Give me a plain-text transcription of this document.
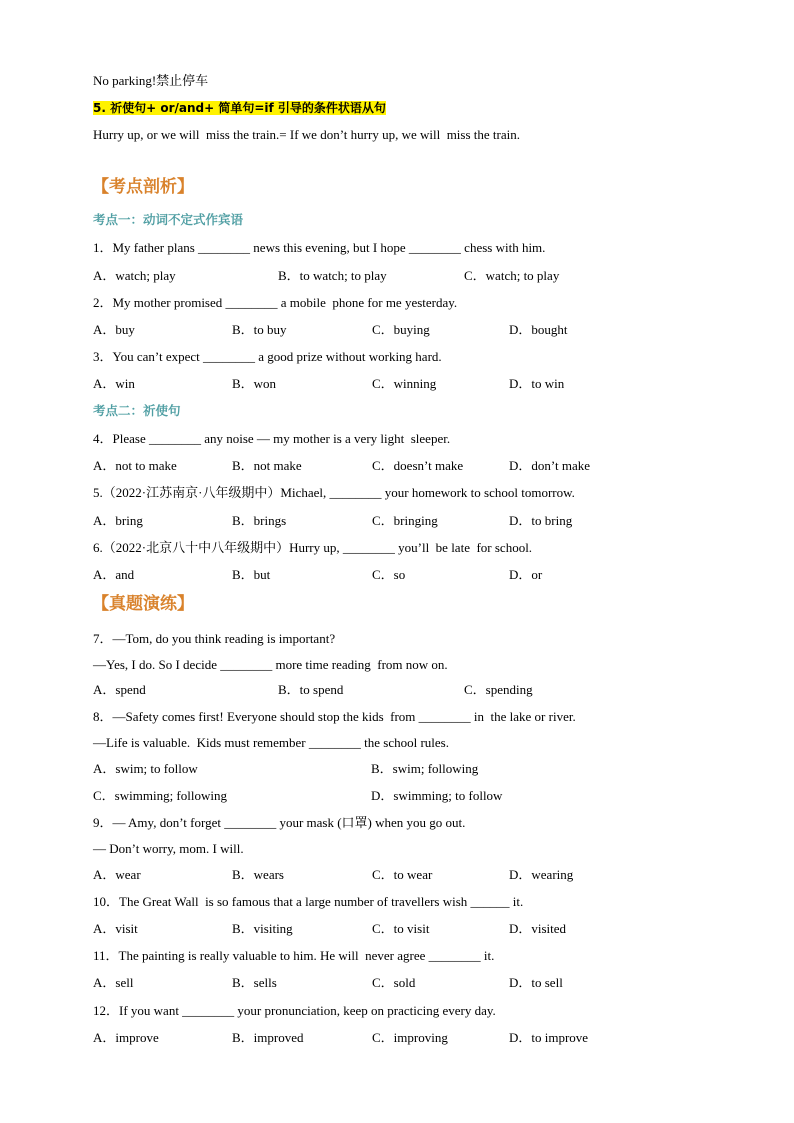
No parking!禁止停车
5. 祈使句+ or/and+ 简单句=if 引导的条件状语从句
Hurry up, or we will  miss the train.= If we don’t hurry up, we will  miss the train.
【考点剖析】
考点一：动词不定式作宾语
1．My father plans ________ news this evening, but I hope ________ chess with him.
A．watch; play	B．to watch; to play	C．watch; to play
2．My mother promised ________ a mobile  phone for me yesterday.
A．buy	B．to buy	C．buying	D．bought
3．You can’t expect ________ a good prize without working hard.
A．win	B．won	C．winning	D．to win
考点二：祈使句
4．Please ________ any noise — my mother is a very light  sleeper.
A．not to make	B．not make	C．doesn’t make	D．don’t make
5.（2022·江苏南京·八年级期中）Michael, ________ your homework to school tomorrow.
A．bring	B．brings	C．bringing	D．to bring
6.（2022·北京八十中八年级期中）Hurry up, ________ you’ll  be late  for school.
A．and	B．but	C．so	D．or
【真题演练】
7．—Tom, do you think reading is important?
—Yes, I do. So I decide ________ more time reading  from now on.
A．spend	B．to spend	C．spending
8．—Safety comes first! Everyone should stop the kids  from ________ in  the lake or river.
—Life is valuable.  Kids must remember ________ the school rules.
A．swim; to follow	B．swim; following
C．swimming; following	D．swimming; to follow
9．— Amy, don’t forget ________ your mask (口罩) when you go out.
— Don’t worry, mom. I will.
A．wear	B．wears	C．to wear	D．wearing
10．The Great Wall  is so famous that a large number of travellers wish ______ it.
A．visit	B．visiting	C．to visit	D．visited
11．The painting is really valuable to him. He will  never agree ________ it.
A．sell	B．sells	C．sold	D．to sell
12．If you want ________ your pronunciation, keep on practicing every day.
A．improve	B．improved	C．improving	D．to improve
